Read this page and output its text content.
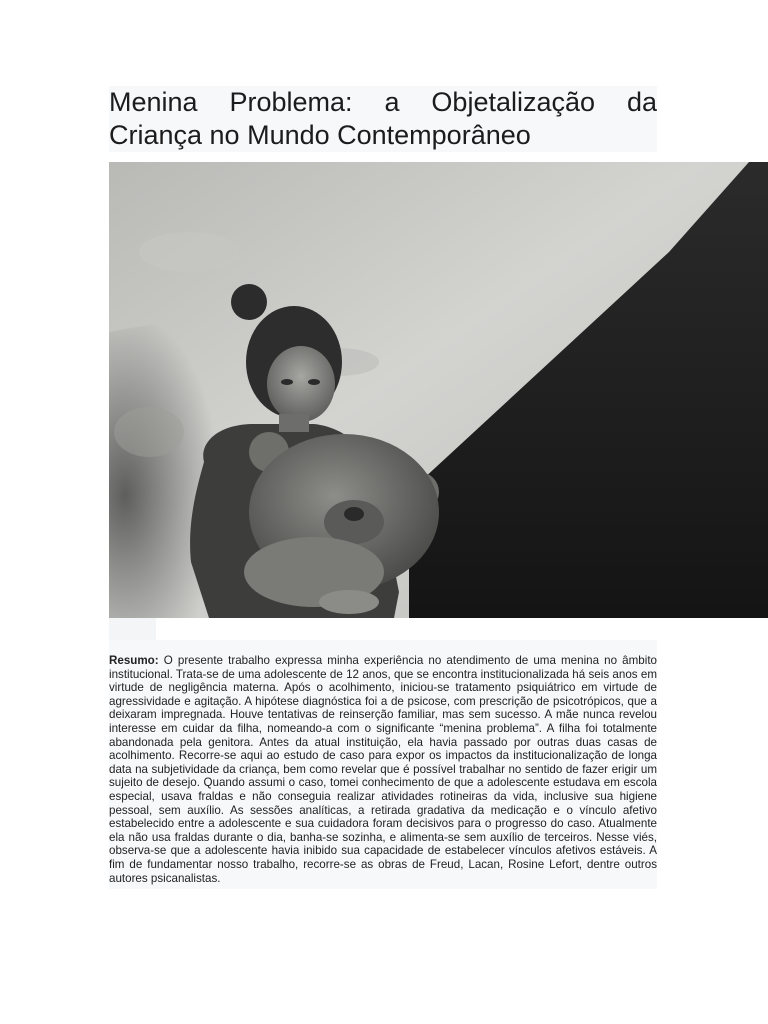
Menina Problema: a Objetalização da Criança no Mundo Contemporâneo

Resumo: O presente trabalho expressa minha experiência no atendimento de uma menina no âmbito institucional. Trata-se de uma adolescente de 12 anos, que se encontra institucionalizada há seis anos em virtude de negligência materna. Após o acolhimento, iniciou-se tratamento psiquiátrico em virtude de agressividade e agitação. A hipótese diagnóstica foi a de psicose, com prescrição de psicotrópicos, que a deixaram impregnada. Houve tentativas de reinserção familiar, mas sem sucesso. A mãe nunca revelou interesse em cuidar da filha, nomeando-a com o significante “menina problema”. A filha foi totalmente abandonada pela genitora. Antes da atual instituição, ela havia passado por outras duas casas de acolhimento. Recorre-se aqui ao estudo de caso para expor os impactos da institucionalização de longa data na subjetividade da criança, bem como revelar que é possível trabalhar no sentido de fazer erigir um sujeito de desejo. Quando assumi o caso, tomei conhecimento de que a adolescente estudava em escola especial, usava fraldas e não conseguia realizar atividades rotineiras da vida, inclusive sua higiene pessoal, sem auxílio. As sessões analíticas, a retirada gradativa da medicação e o vínculo afetivo estabelecido entre a adolescente e sua cuidadora foram decisivos para o progresso do caso. Atualmente ela não usa fraldas durante o dia, banha-se sozinha, e alimenta-se sem auxílio de terceiros. Nesse viés, observa-se que a adolescente havia inibido sua capacidade de estabelecer vínculos afetivos estáveis. A fim de fundamentar nosso trabalho, recorre-se as obras de Freud, Lacan, Rosine Lefort, dentre outros autores psicanalistas.
